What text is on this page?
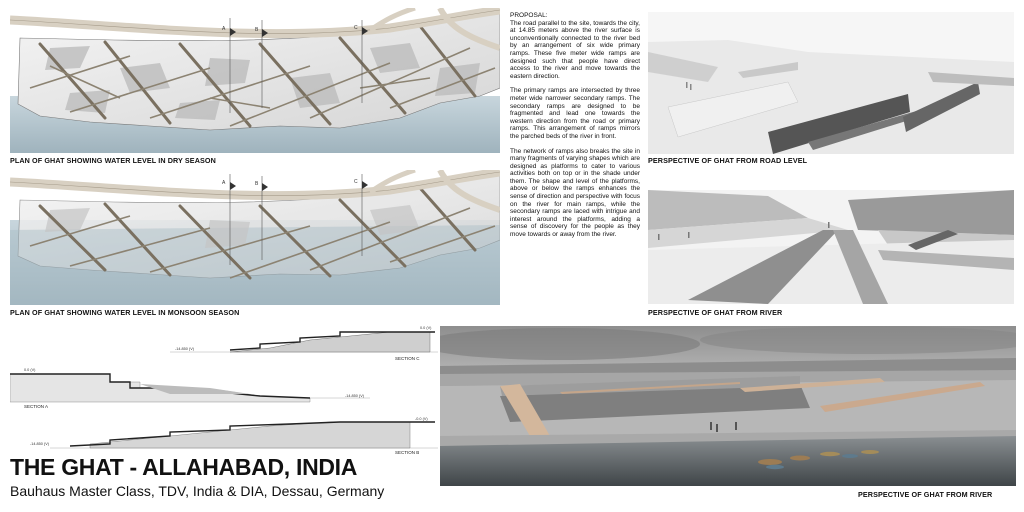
A	B	C
PLAN OF GHAT SHOWING WATER LEVEL IN DRY SEASON
A	B	C
PLAN OF GHAT SHOWING WATER LEVEL IN MONSOON SEASON

PROPOSAL:

The road parallel to the site, towards the city, at 14.85 meters above the river surface is unconventionally connected to the river bed by an arrangement of six wide primary ramps. These five meter wide ramps are designed such that people have direct access to the river and move towards the eastern direction.

The primary ramps are intersected by three meter wide narrower secondary ramps. The secondary ramps are designed to be fragmented and lead one towards the western direction from the road or primary ramps. This arrangement of ramps mirrors the parched beds of the river in front.

The network of ramps also breaks the site in many fragments of varying shapes which are designed as platforms to cater to various activities both on top or in the shade under them. The shape and level of the platforms, above or below the ramps enhances the sense of direction and perspective with focus on the river for main ramps, while the secondary ramps are laced with intrigue and interest around the platforms, adding a sense of discovery for the people as they move towards or away from the river.

PERSPECTIVE OF GHAT FROM ROAD LEVEL
PERSPECTIVE OF GHAT FROM RIVER
0.0 (V)
-14.850 (V)
SECTION C
0.0 (V)
-14.850 (V)
SECTION A
-0.0 (V)
-14.850 (V)
SECTION B
THE GHAT - ALLAHABAD, INDIA
Bauhaus Master Class, TDV, India & DIA, Dessau, Germany	PERSPECTIVE OF GHAT FROM RIVER
